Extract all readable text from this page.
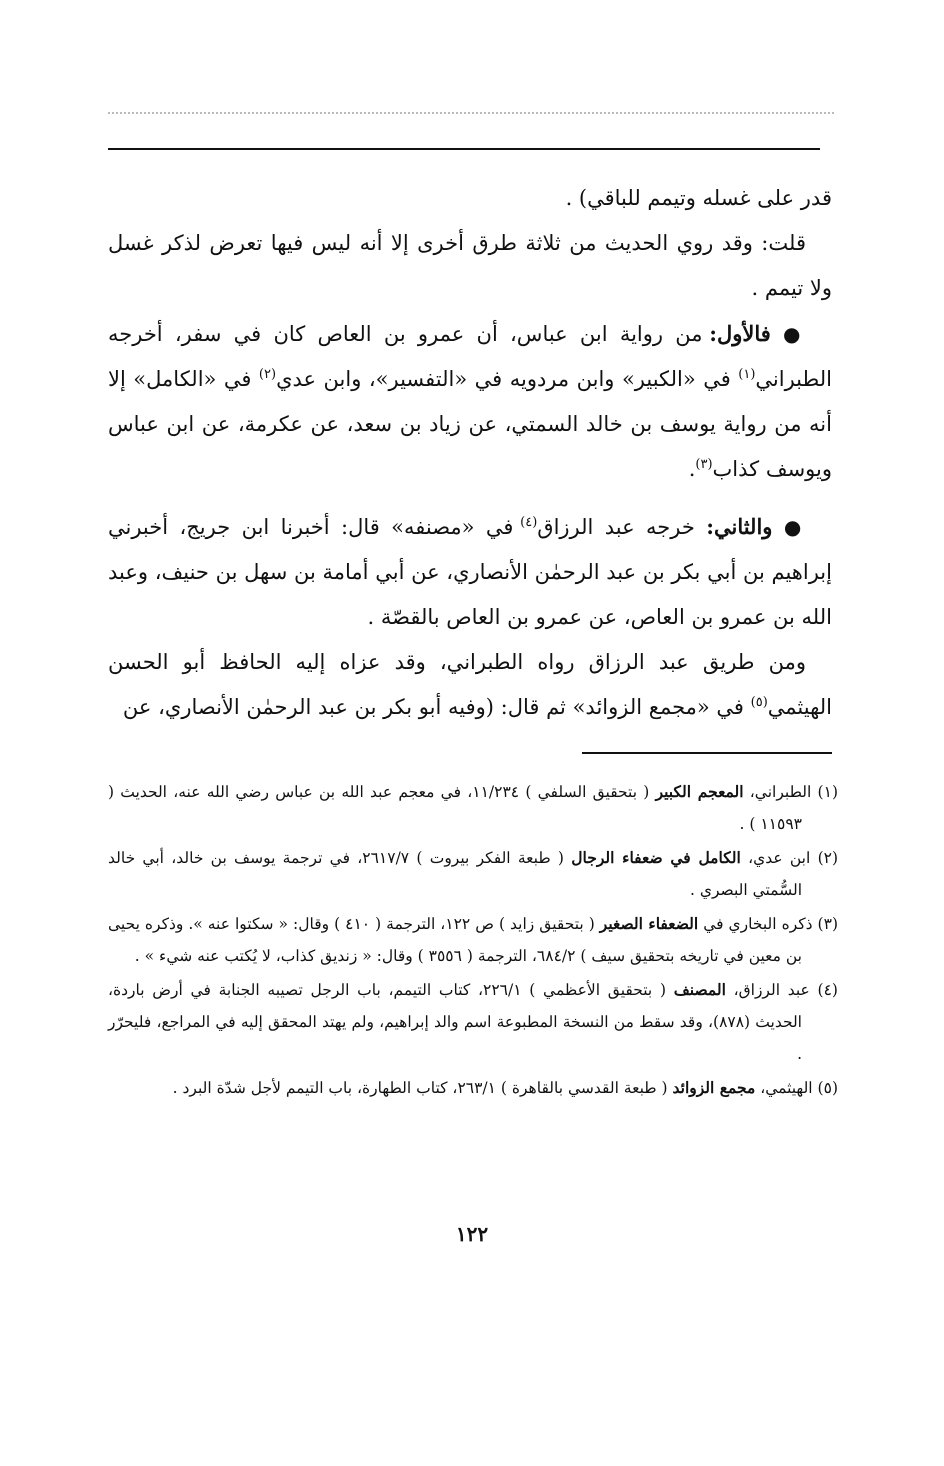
قدر على غسله وتيمم للباقي) .

قلت: وقد روي الحديث من ثلاثة طرق أخرى إلا أنه ليس فيها تعرض لذكر غسل ولا تيمم .

● فالأول: من رواية ابن عباس، أن عمرو بن العاص كان في سفر، أخرجه الطبراني$^{(١)}$ في «الكبير» وابن مردويه في «التفسير»، وابن عدي$^{(٢)}$ في «الكامل» إلا أنه من رواية يوسف بن خالد السمتي، عن زياد بن سعد، عن عكرمة، عن ابن عباس ويوسف كذاب$^{(٣)}$.

● والثاني: خرجه عبد الرزاق$^{(٤)}$ في «مصنفه» قال: أخبرنا ابن جريج، أخبرني إبراهيم بن أبي بكر بن عبد الرحمٰن الأنصاري، عن أبي أمامة بن سهل بن حنيف، وعبد الله بن عمرو بن العاص، عن عمرو بن العاص بالقصّة .

ومن طريق عبد الرزاق رواه الطبراني، وقد عزاه إليه الحافظ أبو الحسن الهيثمي$^{(٥)}$ في «مجمع الزوائد» ثم قال: (وفيه أبو بكر بن عبد الرحمٰن الأنصاري، عن

(١) الطبراني، المعجم الكبير ( بتحقيق السلفي ) ١١/٢٣٤، في معجم عبد الله بن عباس رضي الله عنه، الحديث ( ١١٥٩٣ ) .

(٢) ابن عدي، الكامل في ضعفاء الرجال ( طبعة الفكر بيروت ) ٢٦١٧/٧، في ترجمة يوسف بن خالد، أبي خالد السُّمتي البصري .

(٣) ذكره البخاري في الضعفاء الصغير ( بتحقيق زايد ) ص ١٢٢، الترجمة ( ٤١٠ ) وقال: « سكتوا عنه ». وذكره يحيى بن معين في تاريخه بتحقيق سيف ) ٦٨٤/٢، الترجمة ( ٣٥٥٦ ) وقال: « زنديق كذاب، لا يُكتب عنه شيء » .

(٤) عبد الرزاق، المصنف ( بتحقيق الأعظمي ) ٢٢٦/١، كتاب التيمم، باب الرجل تصيبه الجنابة في أرض باردة، الحديث (٨٧٨)، وقد سقط من النسخة المطبوعة اسم والد إبراهيم، ولم يهتد المحقق إليه في المراجع، فليحرّر .

(٥) الهيثمي، مجمع الزوائد ( طبعة القدسي بالقاهرة ) ٢٦٣/١، كتاب الطهارة، باب التيمم لأجل شدّة البرد .

١٢٢
